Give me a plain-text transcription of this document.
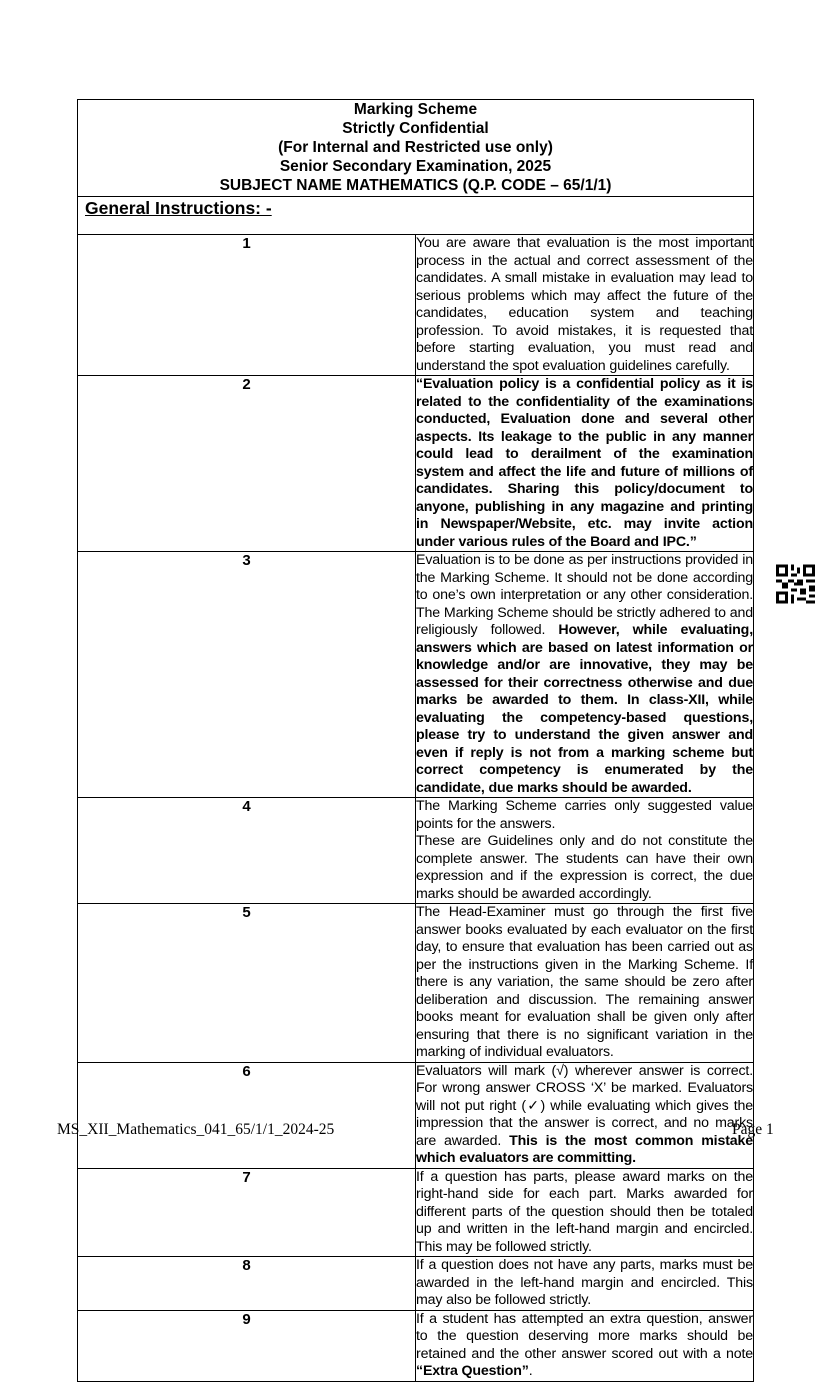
Marking Scheme
Strictly Confidential
(For Internal and Restricted use only)
Senior Secondary Examination, 2025
SUBJECT NAME MATHEMATICS (Q.P. CODE – 65/1/1)	

General Instructions: -	
1	You are aware that evaluation is the most important process in the actual and correct assessment of the candidates. A small mistake in evaluation may lead to serious problems which may affect the future of the candidates, education system and teaching profession. To avoid mistakes, it is requested that before starting evaluation, you must read and understand the spot evaluation guidelines carefully.
2	“Evaluation policy is a confidential policy as it is related to the confidentiality of the examinations conducted, Evaluation done and several other aspects. Its leakage to the public in any manner could lead to derailment of the examination system and affect the life and future of millions of candidates. Sharing this policy/document to anyone, publishing in any magazine and printing in Newspaper/Website, etc. may invite action under various rules of the Board and IPC.”
3	Evaluation is to be done as per instructions provided in the Marking Scheme. It should not be done according to one’s own interpretation or any other consideration. The Marking Scheme should be strictly adhered to and religiously followed. However, while evaluating, answers which are based on latest information or knowledge and/or are innovative, they may be assessed for their correctness otherwise and due marks be awarded to them. In class-XII, while evaluating the competency-based questions, please try to understand the given answer and even if reply is not from a marking scheme but correct competency is enumerated by the candidate, due marks should be awarded.
4	The Marking Scheme carries only suggested value points for the answers.
These are Guidelines only and do not constitute the complete answer. The students can have their own expression and if the expression is correct, the due marks should be awarded accordingly.

5	The Head-Examiner must go through the first five answer books evaluated by each evaluator on the first day, to ensure that evaluation has been carried out as per the instructions given in the Marking Scheme. If there is any variation, the same should be zero after deliberation and discussion. The remaining answer books meant for evaluation shall be given only after ensuring that there is no significant variation in the marking of individual evaluators.
6	Evaluators will mark (√) wherever answer is correct. For wrong answer CROSS ‘X’ be marked. Evaluators will not put right (✓) while evaluating which gives the impression that the answer is correct, and no marks are awarded. This is the most common mistake which evaluators are committing.
7	If a question has parts, please award marks on the right-hand side for each part. Marks awarded for different parts of the question should then be totaled up and written in the left-hand margin and encircled. This may be followed strictly.
8	If a question does not have any parts, marks must be awarded in the left-hand margin and encircled. This may also be followed strictly.
9	If a student has attempted an extra question, answer to the question deserving more marks should be retained and the other answer scored out with a note “Extra Question”.
MS_XII_Mathematics_041_65/1/1_2024-25	Page 1
